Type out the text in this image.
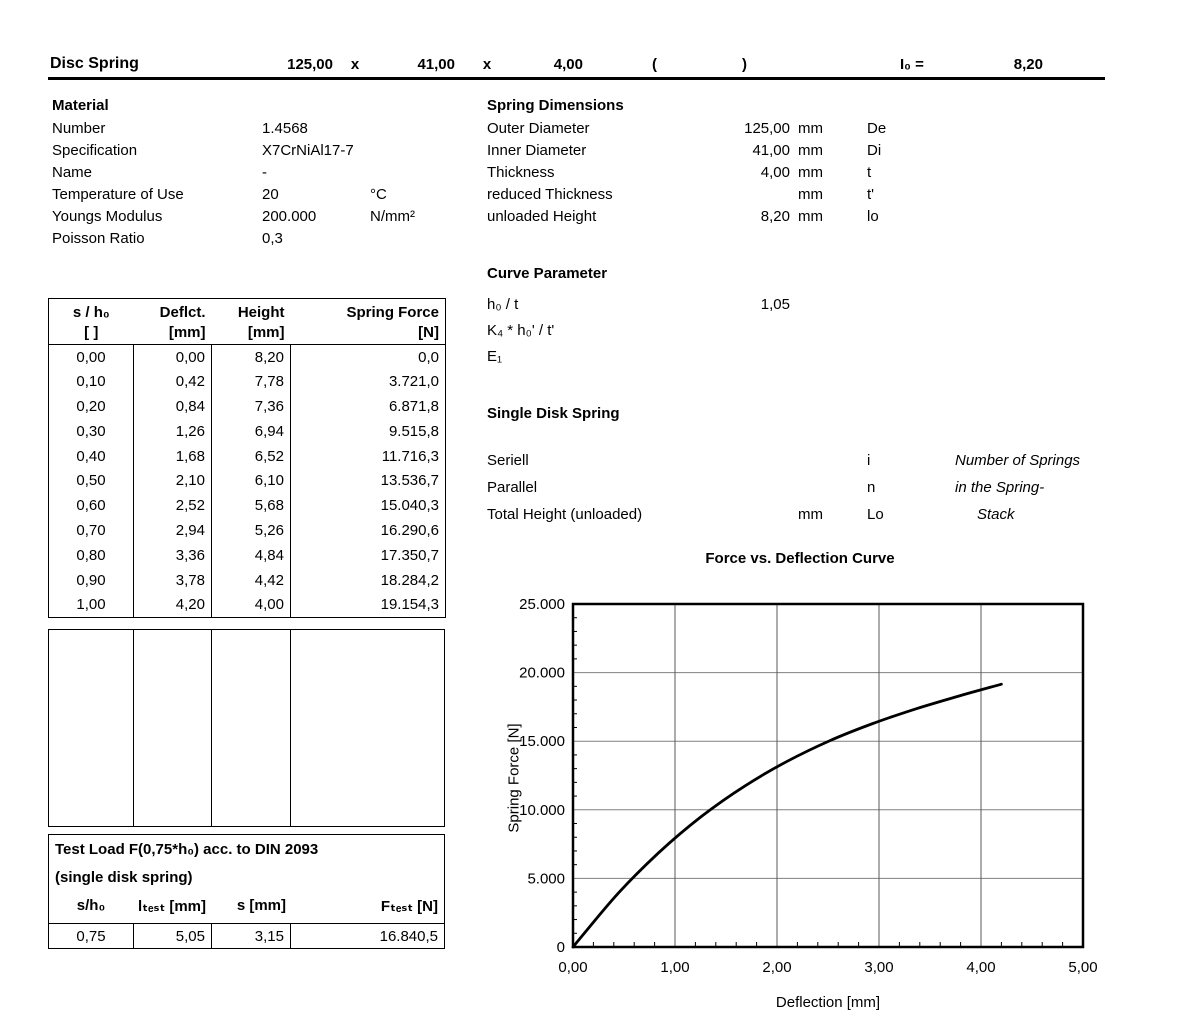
Disc Spring	125,00	x	41,00	x	4,00	(	)	I₀ =	8,20
Material
Number	1.4568
Specification	X7CrNiAl17-7
Name	-
Temperature of Use	20	°C
Youngs Modulus	200.000	N/mm²
Poisson Ratio	0,3
Spring Dimensions
Outer Diameter	125,00 mm	De
Inner Diameter	41,00 mm	Di
Thickness	4,00 mm	t
reduced Thickness	mm	t'
unloaded Height	8,20 mm	lo
Curve Parameter
h₀ / t	1,05
K₄ * h₀' / t'
E₁
Single Disk Spring
Seriell	i	Number of Springs
Parallel	n	in the Spring-
Total Height (unloaded)	mm	Lo	Stack
s / h₀	Deflct.	Height	Spring Force
[ ]	[mm]	[mm]	[N]
0,00	0,00	8,20	0,0
0,10	0,42	7,78	3.721,0
0,20	0,84	7,36	6.871,8
0,30	1,26	6,94	9.515,8
0,40	1,68	6,52	11.716,3
0,50	2,10	6,10	13.536,7
0,60	2,52	5,68	15.040,3
0,70	2,94	5,26	16.290,6
0,80	3,36	4,84	17.350,7
0,90	3,78	4,42	18.284,2
1,00	4,20	4,00	19.154,3
Test Load F(0,75*h₀) acc. to DIN 2093
(single disk spring)
s/h₀	lₜₑₛₜ [mm]	s [mm]	Fₜₑₛₜ [N]
0,75	5,05	3,15	16.840,5
Force vs. Deflection Curve
0
5.000
10.000
15.000
20.000
25.000
0,00	1,00	2,00	3,00	4,00	5,00
Deflection [mm]
Spring Force [N]
